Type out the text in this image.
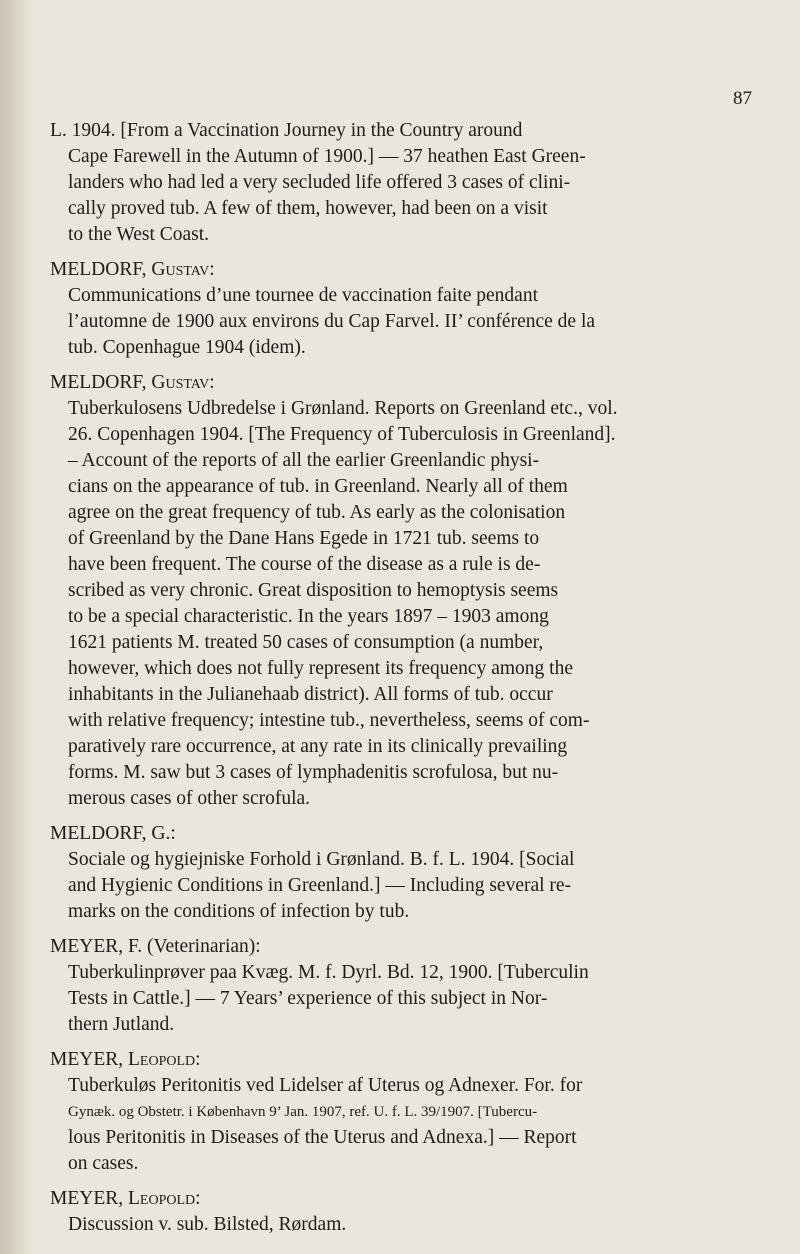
87
L. 1904. [From a Vaccination Journey in the Country around
Cape Farewell in the Autumn of 1900.] — 37 heathen East Green-
landers who had led a very secluded life offered 3 cases of clini-
cally proved tub. A few of them, however, had been on a visit
to the West Coast.
MELDORF, Gustav:
Communications d’une tournee de vaccination faite pendant
l’automne de 1900 aux environs du Cap Farvel. II’ conférence de la
tub. Copenhague 1904 (idem).
MELDORF, Gustav:
Tuberkulosens Udbredelse i Grønland. Reports on Greenland etc., vol.
26. Copenhagen 1904. [The Frequency of Tuberculosis in Greenland].
– Account of the reports of all the earlier Greenlandic physi-
cians on the appearance of tub. in Greenland. Nearly all of them
agree on the great frequency of tub. As early as the colonisation
of Greenland by the Dane Hans Egede in 1721 tub. seems to
have been frequent. The course of the disease as a rule is de-
scribed as very chronic. Great disposition to hemoptysis seems
to be a special characteristic. In the years 1897 – 1903 among
1621 patients M. treated 50 cases of consumption (a number,
however, which does not fully represent its frequency among the
inhabitants in the Julianehaab district). All forms of tub. occur
with relative frequency; intestine tub., nevertheless, seems of com-
paratively rare occurrence, at any rate in its clinically prevailing
forms. M. saw but 3 cases of lymphadenitis scrofulosa, but nu-
merous cases of other scrofula.
MELDORF, G.:
Sociale og hygiejniske Forhold i Grønland. B. f. L. 1904. [Social
and Hygienic Conditions in Greenland.] — Including several re-
marks on the conditions of infection by tub.
MEYER, F. (Veterinarian):
Tuberkulinprøver paa Kvæg. M. f. Dyrl. Bd. 12, 1900. [Tuberculin
Tests in Cattle.] — 7 Years’ experience of this subject in Nor-
thern Jutland.
MEYER, Leopold:
Tuberkuløs Peritonitis ved Lidelser af Uterus og Adnexer. For. for
Gynæk. og Obstetr. i København 9’ Jan. 1907, ref. U. f. L. 39/1907. [Tubercu-
lous Peritonitis in Diseases of the Uterus and Adnexa.] — Report
on cases.
MEYER, Leopold:
Discussion v. sub. Bilsted, Rørdam.
